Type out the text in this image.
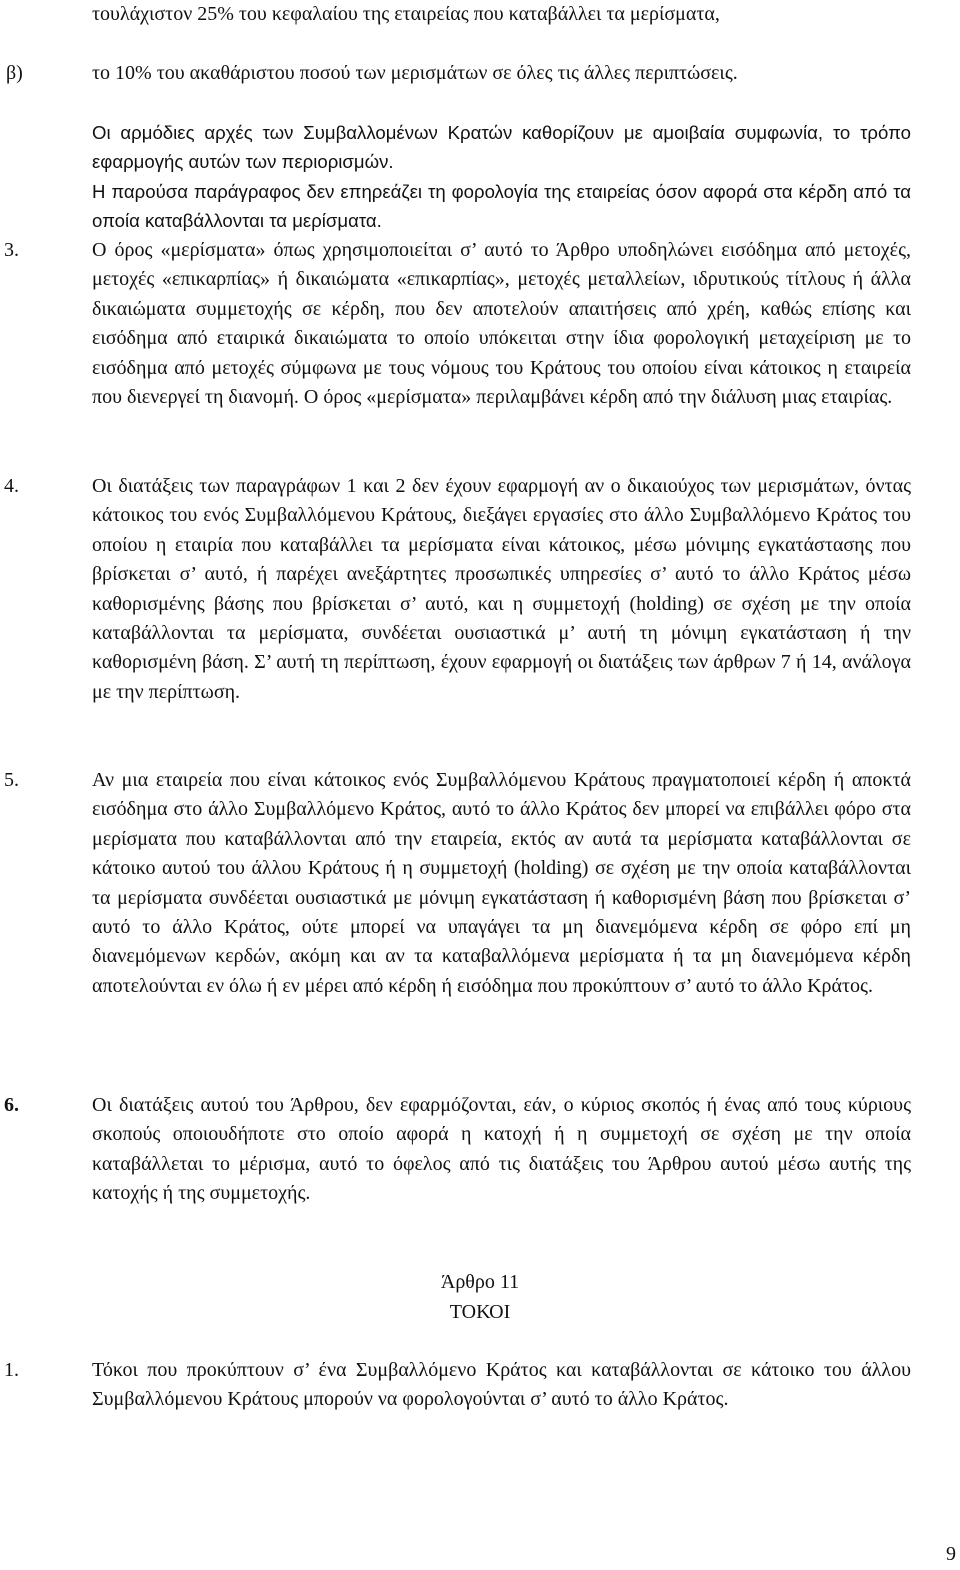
τουλάχιστον 25% του κεφαλαίου της εταιρείας που καταβάλλει τα μερίσματα,

β)	το 10% του ακαθάριστου ποσού των μερισμάτων σε όλες τις άλλες περιπτώσεις.

Οι αρμόδιες αρχές των Συμβαλλομένων Κρατών καθορίζουν με αμοιβαία συμφωνία, το τρόπο εφαρμογής αυτών των περιορισμών.

Η παρούσα παράγραφος δεν επηρεάζει τη φορολογία της εταιρείας όσον αφορά στα κέρδη από τα οποία καταβάλλονται τα μερίσματα.

3.	Ο όρος «μερίσματα» όπως χρησιμοποιείται σ’ αυτό το Άρθρο υποδηλώνει εισόδημα από μετοχές, μετοχές «επικαρπίας» ή δικαιώματα «επικαρπίας», μετοχές μεταλλείων, ιδρυτικούς τίτλους ή άλλα δικαιώματα συμμετοχής σε κέρδη, που δεν αποτελούν απαιτήσεις από χρέη, καθώς επίσης και εισόδημα από εταιρικά δικαιώματα το οποίο υπόκειται στην ίδια φορολογική μεταχείριση με το εισόδημα από μετοχές σύμφωνα με τους νόμους του Κράτους του οποίου είναι κάτοικος η εταιρεία που διενεργεί τη διανομή. Ο όρος «μερίσματα» περιλαμβάνει κέρδη από την διάλυση μιας εταιρίας.

4.	Οι διατάξεις των παραγράφων 1 και 2 δεν έχουν εφαρμογή αν ο δικαιούχος των μερισμάτων, όντας κάτοικος του ενός Συμβαλλόμενου Κράτους, διεξάγει εργασίες στο άλλο Συμβαλλόμενο Κράτος του οποίου η εταιρία που καταβάλλει τα μερίσματα είναι κάτοικος, μέσω μόνιμης εγκατάστασης που βρίσκεται σ’ αυτό, ή παρέχει ανεξάρτητες προσωπικές υπηρεσίες σ’ αυτό το άλλο Κράτος μέσω καθορισμένης βάσης που βρίσκεται σ’ αυτό, και η συμμετοχή (holding) σε σχέση με την οποία καταβάλλονται τα μερίσματα, συνδέεται ουσιαστικά μ’ αυτή τη μόνιμη εγκατάσταση ή την καθορισμένη βάση. Σ’ αυτή τη περίπτωση, έχουν εφαρμογή οι διατάξεις των άρθρων 7 ή 14, ανάλογα με την περίπτωση.

5.	Αν μια εταιρεία που είναι κάτοικος ενός Συμβαλλόμενου Κράτους πραγματοποιεί κέρδη ή αποκτά εισόδημα στο άλλο Συμβαλλόμενο Κράτος, αυτό το άλλο Κράτος δεν μπορεί να επιβάλλει φόρο στα μερίσματα που καταβάλλονται από την εταιρεία, εκτός αν αυτά τα μερίσματα καταβάλλονται σε κάτοικο αυτού του άλλου Κράτους ή η συμμετοχή (holding) σε σχέση με την οποία καταβάλλονται τα μερίσματα συνδέεται ουσιαστικά με μόνιμη εγκατάσταση ή καθορισμένη βάση που βρίσκεται σ’ αυτό το άλλο Κράτος, ούτε μπορεί να υπαγάγει τα μη διανεμόμενα κέρδη σε φόρο επί μη διανεμόμενων κερδών, ακόμη και αν τα καταβαλλόμενα μερίσματα ή τα μη διανεμόμενα κέρδη αποτελούνται εν όλω ή εν μέρει από κέρδη ή εισόδημα που προκύπτουν σ’ αυτό το άλλο Κράτος.

6.	Οι διατάξεις αυτού του Άρθρου, δεν εφαρμόζονται, εάν, ο κύριος σκοπός ή ένας από τους κύριους σκοπούς οποιουδήποτε στο οποίο αφορά η κατοχή ή η συμμετοχή σε σχέση με την οποία καταβάλλεται το μέρισμα, αυτό το όφελος από τις διατάξεις του Άρθρου αυτού μέσω αυτής της κατοχής ή της συμμετοχής.

Άρθρο 11

ΤΟΚΟΙ

1.	Τόκοι που προκύπτουν σ’ ένα Συμβαλλόμενο Κράτος και καταβάλλονται σε κάτοικο του άλλου Συμβαλλόμενου Κράτους μπορούν να φορολογούνται σ’ αυτό το άλλο Κράτος.

9
